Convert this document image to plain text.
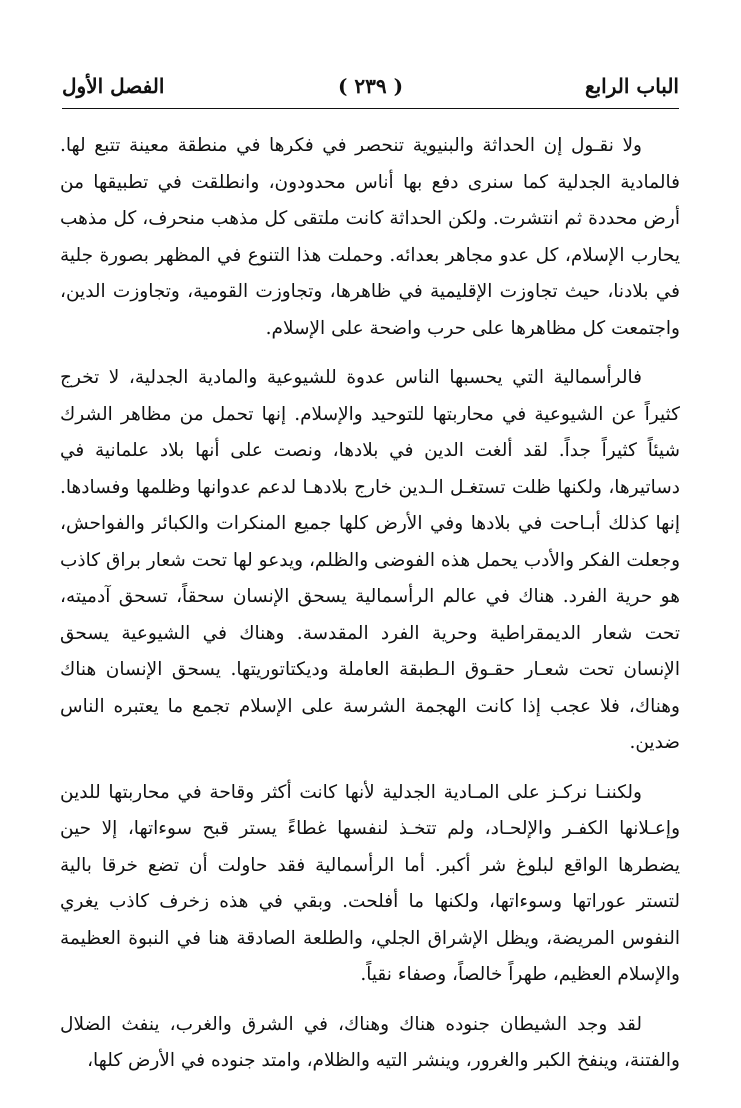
الباب الرابع
( ٢٣٩ )
الفصل الأول

ولا نقـول إن الحداثة والبنيوية تنحصر في فكرها في منطقة معينة تتبع لها. فالمادية الجدلية كما سنرى دفع بها أناس محدودون، وانطلقت في تطبيقها من أرض محددة ثم انتشرت. ولكن الحداثة كانت ملتقى كل مذهب منحرف، كل مذهب يحارب الإسلام، كل عدو مجاهر بعدائه. وحملت هذا التنوع في المظهر بصورة جلية في بلادنا، حيث تجاوزت الإقليمية في ظاهرها، وتجاوزت القومية، وتجاوزت الدين، واجتمعت كل مظاهرها على حرب واضحة على الإسلام.

فالرأسمالية التي يحسبها الناس عدوة للشيوعية والمادية الجدلية، لا تخرج كثيراً عن الشيوعية في محاربتها للتوحيد والإسلام. إنها تحمل من مظاهر الشرك شيئاً كثيراً جداً. لقد ألغت الدين في بلادها، ونصت على أنها بلاد علمانية في دساتيرها، ولكنها ظلت تستغـل الـدين خارج بلادهـا لدعم عدوانها وظلمها وفسادها. إنها كذلك أبـاحت في بلادها وفي الأرض كلها جميع المنكرات والكبائر والفواحش، وجعلت الفكر والأدب يحمل هذه الفوضى والظلم، ويدعو لها تحت شعار براق كاذب هو حرية الفرد. هناك في عالم الرأسمالية يسحق الإنسان سحقاً، تسحق آدميته، تحت شعار الديمقراطية وحرية الفرد المقدسة. وهناك في الشيوعية يسحق الإنسان تحت شعـار حقـوق الـطبقة العاملة وديكتاتوريتها. يسحق الإنسان هناك وهناك، فلا عجب إذا كانت الهجمة الشرسة على الإسلام تجمع ما يعتبره الناس ضدين.

ولكننـا نركـز على المـادية الجدلية لأنها كانت أكثر وقاحة في محاربتها للدين وإعـلانها الكفـر والإلحـاد، ولم تتخـذ لنفسها غطاءً يستر قبح سوءاتها، إلا حين يضطرها الواقع لبلوغ شر أكبر. أما الرأسمالية فقد حاولت أن تضع خرقا بالية لتستر عوراتها وسوءاتها، ولكنها ما أفلحت. وبقي في هذه زخرف كاذب يغري النفوس المريضة، ويظل الإشراق الجلي، والطلعة الصادقة هنا في النبوة العظيمة والإسلام العظيم، طهراً خالصاً، وصفاء نقياً.

لقد وجد الشيطان جنوده هناك وهناك، في الشرق والغرب، ينفث الضلال والفتنة، وينفخ الكبر والغرور، وينشر التيه والظلام، وامتد جنوده في الأرض كلها،
